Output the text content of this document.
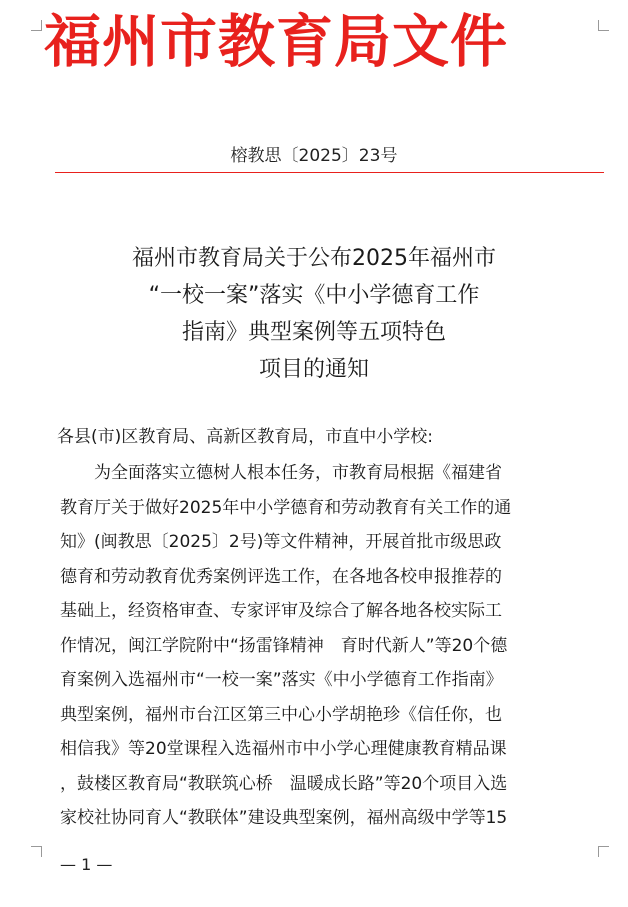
福州市教育局文件
榕教思〔2025〕23号
福州市教育局关于公布2025年福州市
“一校一案”落实《中小学德育工作
指南》典型案例等五项特色
项目的通知
各县(市)区教育局、高新区教育局，市直中小学校:
为全面落实立德树人根本任务，市教育局根据《福建省
教育厅关于做好2025年中小学德育和劳动教育有关工作的通
知》(闽教思〔2025〕2号)等文件精神，开展首批市级思政
德育和劳动教育优秀案例评选工作，在各地各校申报推荐的
基础上，经资格审查、专家评审及综合了解各地各校实际工
作情况，闽江学院附中“扬雷锋精神　育时代新人”等20个德
育案例入选福州市“一校一案”落实《中小学德育工作指南》
典型案例，福州市台江区第三中心小学胡艳珍《信任你，也
相信我》等20堂课程入选福州市中小学心理健康教育精品课
，鼓楼区教育局“教联筑心桥　温暖成长路”等20个项目入选
家校社协同育人“教联体”建设典型案例，福州高级中学等15
— 1 —
